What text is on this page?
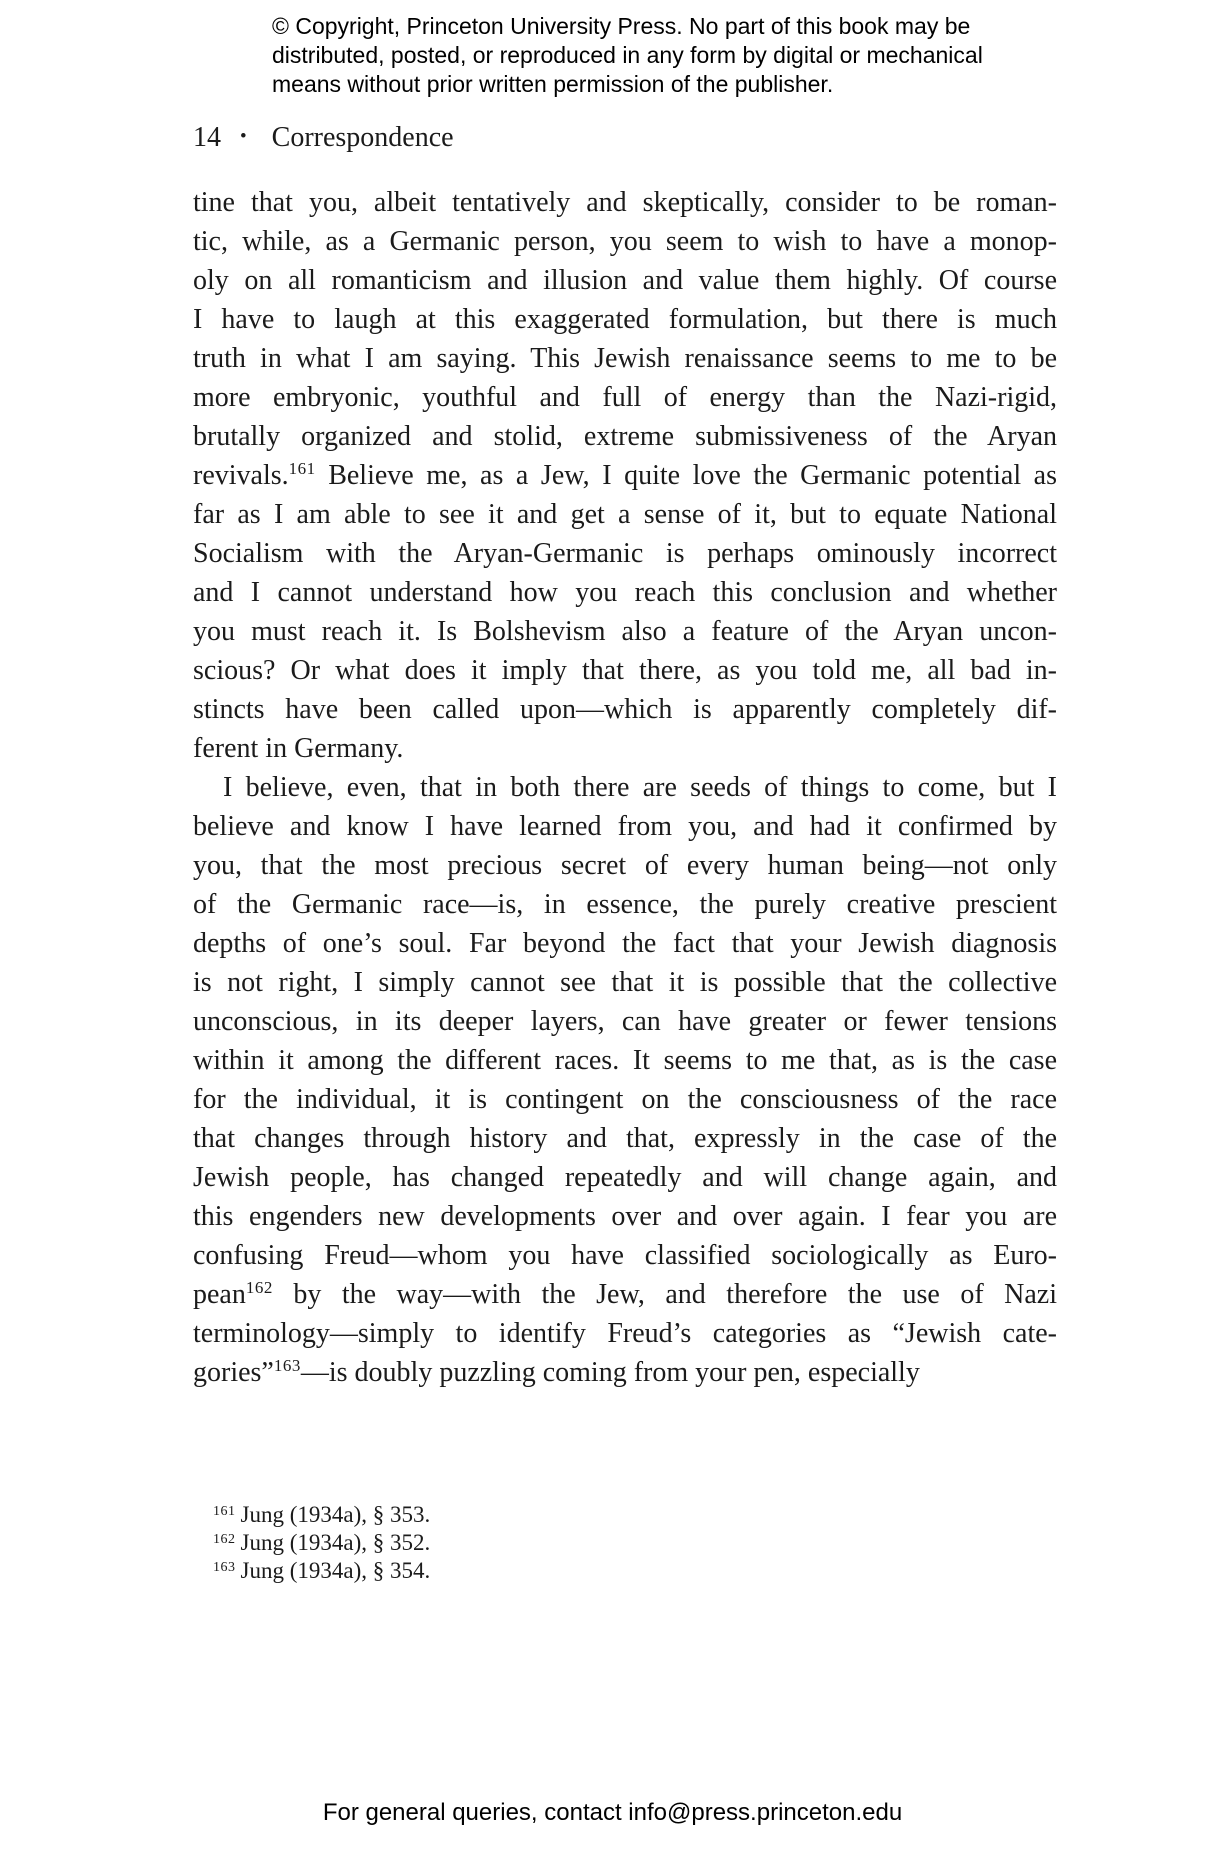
© Copyright, Princeton University Press. No part of this book may be
distributed, posted, or reproduced in any form by digital or mechanical
means without prior written permission of the publisher.
14 • Correspondence
tine that you, albeit tentatively and skeptically, consider to be roman-
tic, while, as a Germanic person, you seem to wish to have a monop-
oly on all romanticism and illusion and value them highly. Of course
I have to laugh at this exaggerated formulation, but there is much
truth in what I am saying. This Jewish renaissance seems to me to be
more embryonic, youthful and full of energy than the Nazi-rigid,
brutally organized and stolid, extreme submissiveness of the Aryan
revivals.$^{161}$ Believe me, as a Jew, I quite love the Germanic potential as
far as I am able to see it and get a sense of it, but to equate National
Socialism with the Aryan-Germanic is perhaps ominously incorrect
and I cannot understand how you reach this conclusion and whether
you must reach it. Is Bolshevism also a feature of the Aryan uncon-
scious? Or what does it imply that there, as you told me, all bad in-
stincts have been called upon—which is apparently completely dif-
ferent in Germany.
I believe, even, that in both there are seeds of things to come, but I
believe and know I have learned from you, and had it confirmed by
you, that the most precious secret of every human being—not only
of the Germanic race—is, in essence, the purely creative prescient
depths of one’s soul. Far beyond the fact that your Jewish diagnosis
is not right, I simply cannot see that it is possible that the collective
unconscious, in its deeper layers, can have greater or fewer tensions
within it among the different races. It seems to me that, as is the case
for the individual, it is contingent on the consciousness of the race
that changes through history and that, expressly in the case of the
Jewish people, has changed repeatedly and will change again, and
this engenders new developments over and over again. I fear you are
confusing Freud—whom you have classified sociologically as Euro-
pean$^{162}$ by the way—with the Jew, and therefore the use of Nazi
terminology—simply to identify Freud’s categories as “Jewish cate-
gories”$^{163}$—is doubly puzzling coming from your pen, especially
$^{161}$ Jung (1934a), § 353.
$^{162}$ Jung (1934a), § 352.
$^{163}$ Jung (1934a), § 354.
For general queries, contact info@press.princeton.edu
